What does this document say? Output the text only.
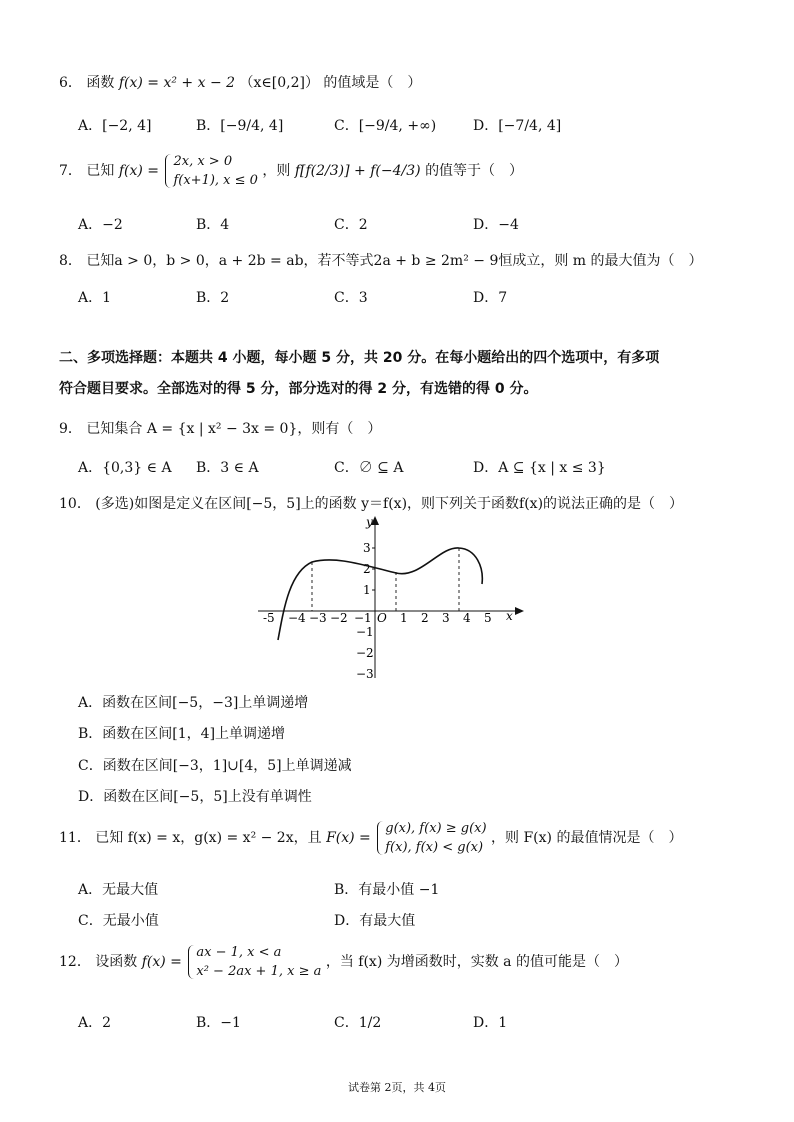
6． 函数 f(x) = x² + x − 2 （x∈[0,2]） 的值域是（　）
A．[−2, 4]	B．[−9/4, 4]	C．[−9/4, +∞)	D．[−7/4, 4]
7． 已知 f(x) =
2x, x > 0
f(x+1), x ≤ 0
，则 f[f(2/3)] + f(−4/3) 的值等于（　）
A．−2	B．4	C．2	D．−4
8． 已知a > 0，b > 0，a + 2b = ab，若不等式2a + b ≥ 2m² − 9恒成立，则 m 的最大值为（　）
A．1	B．2	C．3	D．7
二、多项选择题：本题共 4 小题，每小题 5 分，共 20 分。在每小题给出的四个选项中，有多项
符合题目要求。全部选对的得 5 分，部分选对的得 2 分，有选错的得 0 分。
9． 已知集合 A = {x | x² − 3x = 0}，则有（　）
A．{0,3} ∈ A B．3 ∈ A	C．∅ ⊆ A	D．A ⊆ {x | x ≤ 3}
10． (多选)如图是定义在区间[−5，5]上的函数 y＝f(x)，则下列关于函数f(x)的说法正确的是（　）
x
y
O
-5 −4 −3 −2 −1 1 2 3 4 5
3
2
1
−1
−2
−3
A．函数在区间[−5，−3]上单调递增
B．函数在区间[1，4]上单调递增
C．函数在区间[−3，1]∪[4，5]上单调递减
D．函数在区间[−5，5]上没有单调性
11． 已知 f(x) = x，g(x) = x² − 2x，且 F(x) =
g(x), f(x) ≥ g(x)
f(x), f(x) < g(x)
，则 F(x) 的最值情况是（　）
A．无最大值	B．有最小值 −1
C．无最小值	D．有最大值
12． 设函数 f(x) =
ax − 1, x < a
x² − 2ax + 1, x ≥ a
，当 f(x) 为增函数时，实数 a 的值可能是（　）
A．2	B．−1	C．1/2	D．1
试卷第 2页，共 4页
